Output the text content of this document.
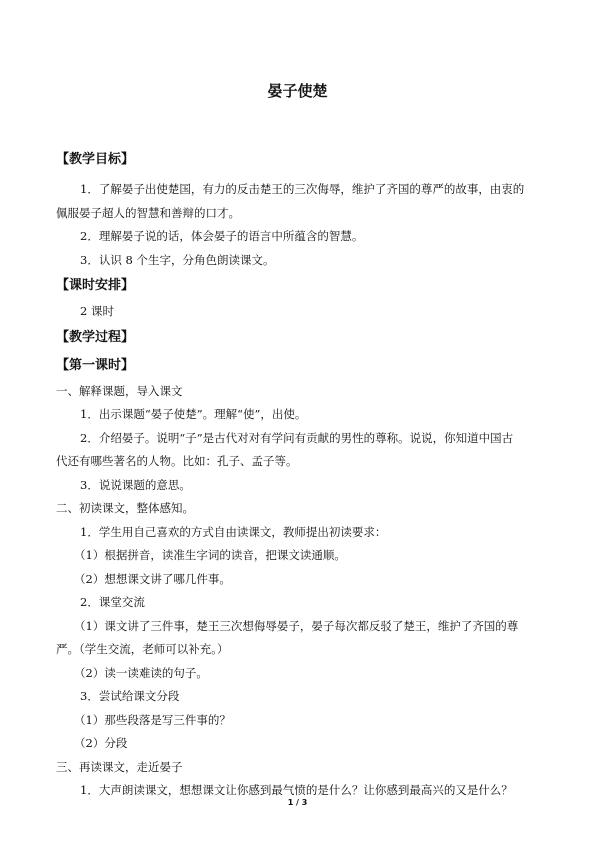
晏子使楚
【教学目标】
1．了解晏子出使楚国，有力的反击楚王的三次侮辱，维护了齐国的尊严的故事，由衷的
佩服晏子超人的智慧和善辩的口才。
2．理解晏子说的话，体会晏子的语言中所蕴含的智慧。
3．认识 8 个生字，分角色朗读课文。
【课时安排】
2 课时
【教学过程】
【第一课时】
一、解释课题，导入课文
1．出示课题“晏子使楚”。理解“使”，出使。
2．介绍晏子。说明“子”是古代对对有学问有贡献的男性的尊称。说说，你知道中国古
代还有哪些著名的人物。比如：孔子、孟子等。
3．说说课题的意思。
二、初读课文，整体感知。
1．学生用自己喜欢的方式自由读课文，教师提出初读要求：
（1）根据拼音，读准生字词的读音，把课文读通顺。
（2）想想课文讲了哪几件事。
2．课堂交流
（1）课文讲了三件事，楚王三次想侮辱晏子，晏子每次都反驳了楚王，维护了齐国的尊
严。（学生交流，老师可以补充。）
（2）读一读难读的句子。
3．尝试给课文分段
（1）那些段落是写三件事的？
（2）分段
三、再读课文，走近晏子
1．大声朗读课文，想想课文让你感到最气愤的是什么？让你感到最高兴的又是什么？
1 / 3
